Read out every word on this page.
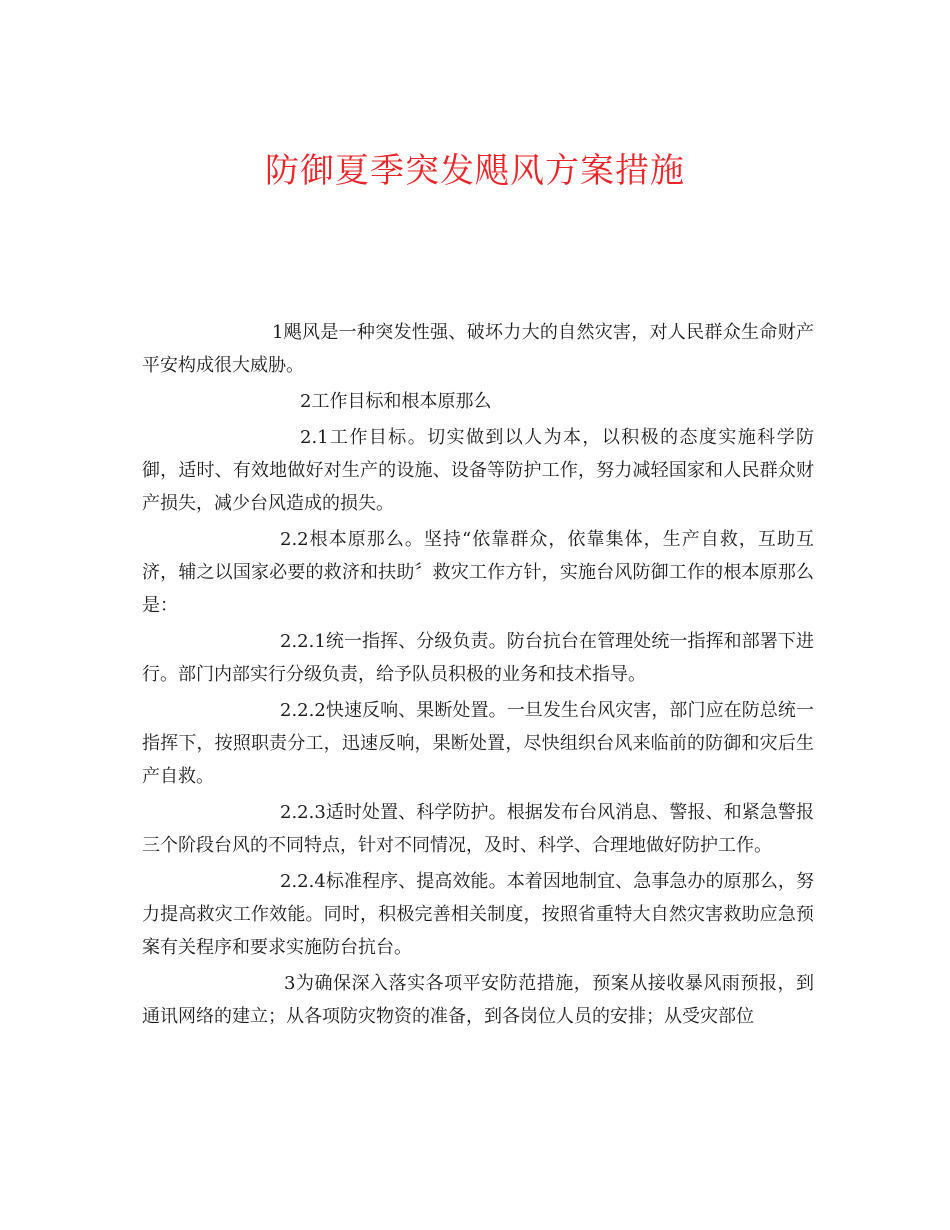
防御夏季突发飓风方案措施

1飓风是一种突发性强、破坏力大的自然灾害，对人民群众生命财产平安构成很大威胁。

2工作目标和根本原那么

2.1工作目标。切实做到以人为本，以积极的态度实施科学防御，适时、有效地做好对生产的设施、设备等防护工作，努力减轻国家和人民群众财产损失，减少台风造成的损失。

2.2根本原那么。坚持“依靠群众，依靠集体，生产自救，互助互济，辅之以国家必要的救济和扶助〞救灾工作方针，实施台风防御工作的根本原那么是：

2.2.1统一指挥、分级负责。防台抗台在管理处统一指挥和部署下进行。部门内部实行分级负责，给予队员积极的业务和技术指导。

2.2.2快速反响、果断处置。一旦发生台风灾害，部门应在防总统一指挥下，按照职责分工，迅速反响，果断处置，尽快组织台风来临前的防御和灾后生产自救。

2.2.3适时处置、科学防护。根据发布台风消息、警报、和紧急警报三个阶段台风的不同特点，针对不同情况，及时、科学、合理地做好防护工作。

2.2.4标准程序、提高效能。本着因地制宜、急事急办的原那么，努力提高救灾工作效能。同时，积极完善相关制度，按照省重特大自然灾害救助应急预案有关程序和要求实施防台抗台。

3为确保深入落实各项平安防范措施，预案从接收暴风雨预报，到通讯网络的建立；从各项防灾物资的准备，到各岗位人员的安排；从受灾部位
